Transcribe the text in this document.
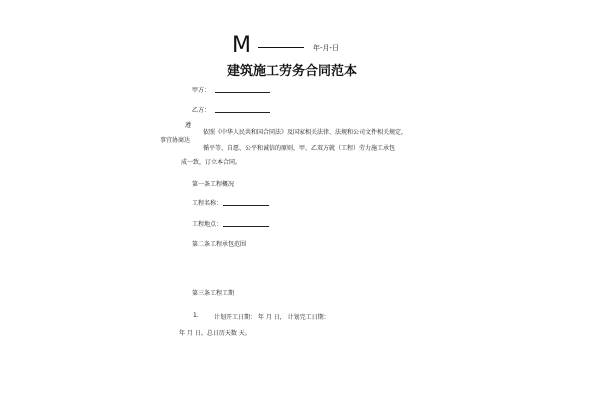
M	年-月-日
建筑施工劳务合同范本
甲方：
乙方：
遵
事宜协商达
依照《中华人民共和国合同法》及国家相关法律、法规和公司文件相关规定，
循平等、自愿、公平和诚信的原则，甲、乙双方就（工程）劳力施工承包
成一致，订立本合同。
第一条工程概况
工程名称：
工程地点：
第二条工程承包范围
第三条工程工期
1.	计划开工日期： 年 月 日， 计划完工日期：
年 月 日。总日历天数 天。
